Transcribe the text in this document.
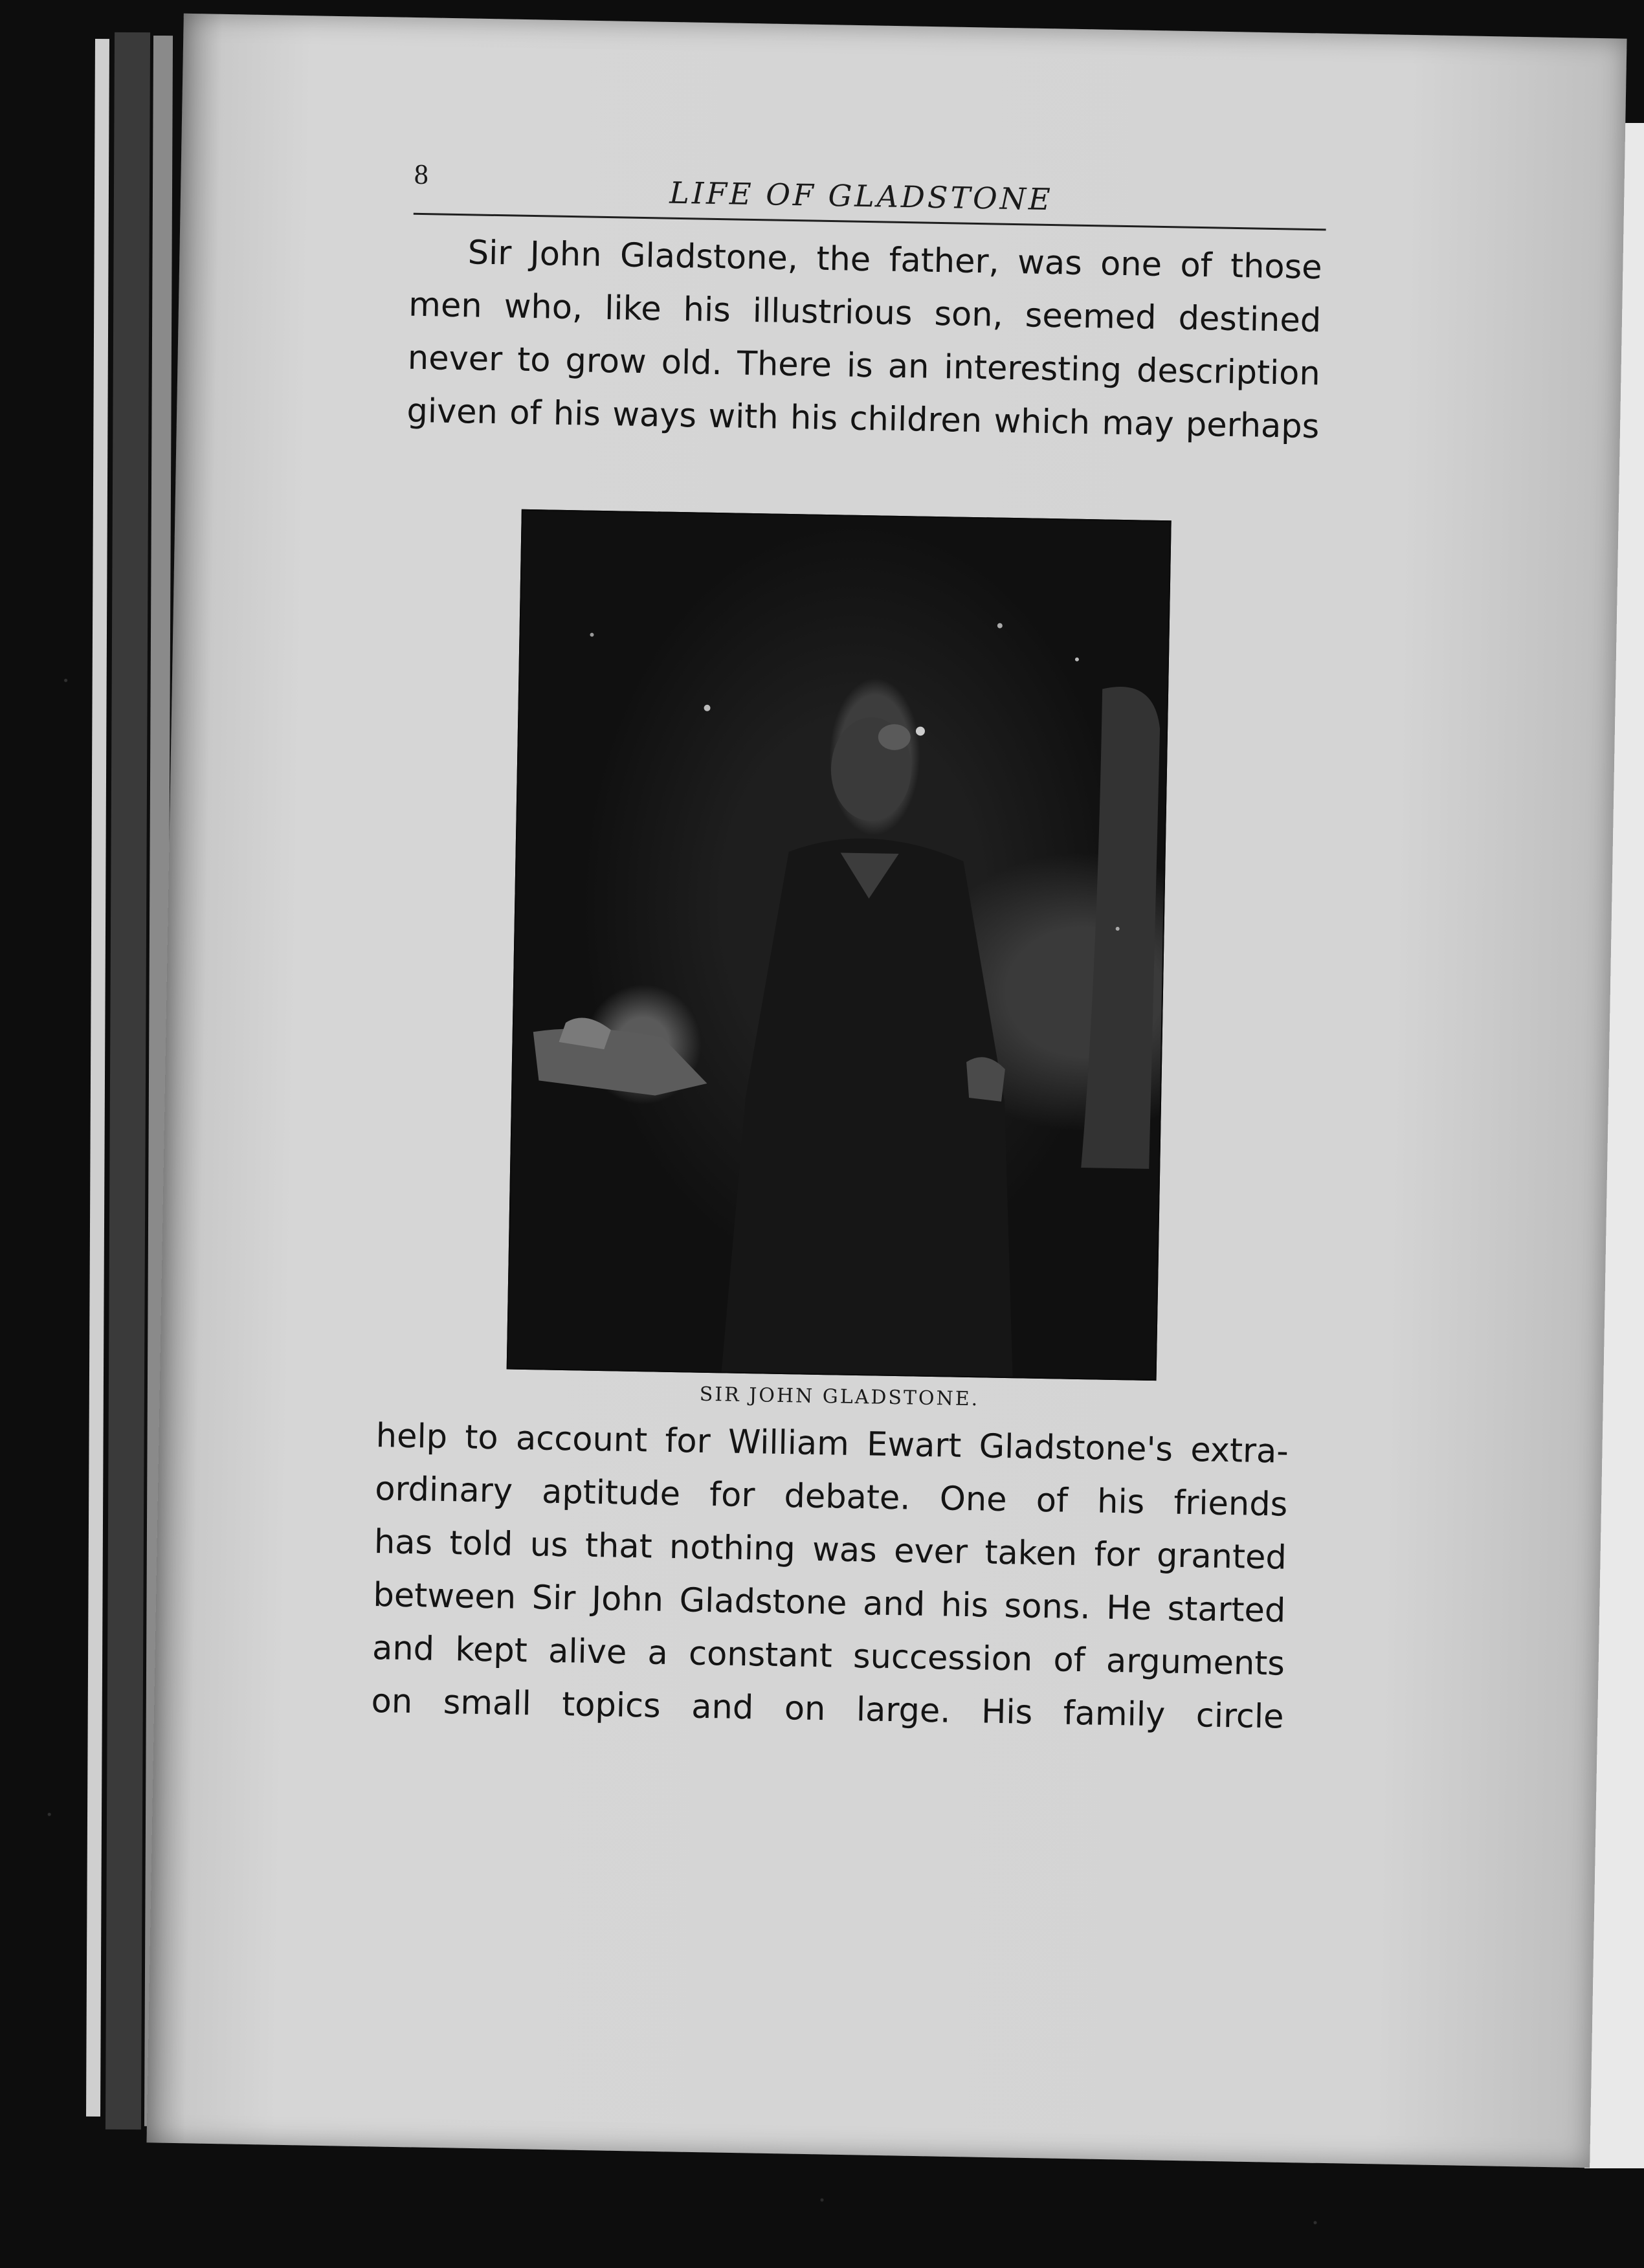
8
LIFE OF GLADSTONE
Sir John Gladstone, the father, was one of those
men who, like his illustrious son, seemed destined
never to grow old. There is an interesting description
given of his ways with his children which may perhaps
SIR JOHN GLADSTONE.
help to account for William Ewart Gladstone's extra-
ordinary aptitude for debate. One of his friends
has told us that nothing was ever taken for granted
between Sir John Gladstone and his sons. He started
and kept alive a constant succession of arguments
on small topics and on large. His family circle
